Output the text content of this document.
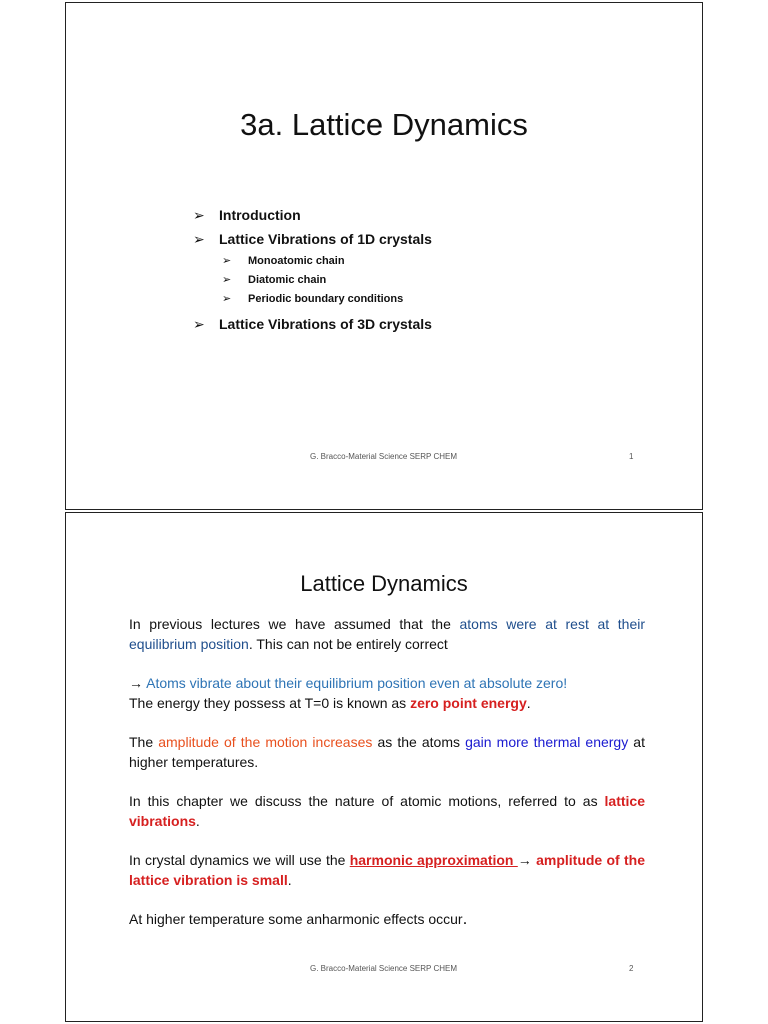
3a. Lattice Dynamics
➢	Introduction
➢	Lattice Vibrations of 1D crystals
➢	Monoatomic chain
➢	Diatomic chain
➢	Periodic boundary conditions
➢	Lattice Vibrations of 3D crystals
G. Bracco-Material Science SERP CHEM	1
Lattice Dynamics

In previous lectures we have assumed that the atoms were at rest at their equilibrium position. This can not be entirely correct

→ Atoms vibrate about their equilibrium position even at absolute zero!
The energy they possess at T=0 is known as zero point energy.

The amplitude of the motion increases as the atoms gain more thermal energy at higher temperatures.

In this chapter we discuss the nature of atomic motions, referred to as lattice vibrations.

In crystal dynamics we will use the harmonic approximation → amplitude of the lattice vibration is small.

At higher temperature some anharmonic effects occur.

G. Bracco-Material Science SERP CHEM	2
